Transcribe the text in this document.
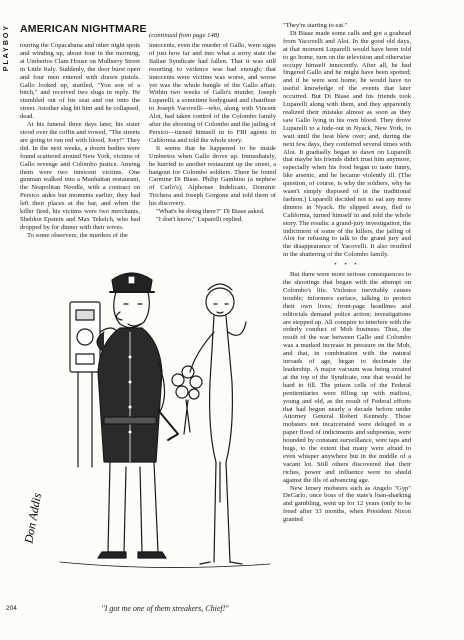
PLAYBOY AMERICAN NIGHTMARE
(continued from page 148)

touring the Copacabana and other night spots and winding up, about four in the morning, at Umbertos Clam House on Mulberry Street in Little Italy. Suddenly, the door burst open and four men entered with drawn pistols. Gallo looked up, startled, "You son of a bitch," and received two slugs in reply. He stumbled out of his seat and out onto the street. Another slug hit him and he collapsed, dead.

At his funeral three days later, his sister stood over the coffin and vowed, "The streets are going to run red with blood, Joey!" They did. In the next weeks, a dozen bodies were found scattered around New York, victims of Gallo revenge and Colombo justice. Among them were two innocent victims. One gunman walked into a Manhattan restaurant, the Neapolitan Noodle, with a contract on Persico aides but moments earlier, they had left their places at the bar, and when the killer fired, his victims were two merchants, Sheldon Epstein and Max Tekelch, who had dropped by for dinner with their wives.

To some observers, the murders of the

innocents, even the murder of Gallo, were signs of just how far and into what a sorry state the Italian Syndicate had fallen. That it was still resorting to violence was bad enough; that innocents were victims was worse, and worse yet was the whole bungle of the Gallo affair. Within two weeks of Gallo's murder, Joseph Luparelli, a sometime bodyguard and chauffeur to Joseph Yacovelli—who, along with Vincent Aloi, had taken control of the Colombo family after the shooting of Colombo and the jailing of Persico—turned himself in to FBI agents in California and told the whole story.

It seems that he happened to be inside Umbertos when Gallo drove up. Immediately, he hurried to another restaurant up the street, a hangout for Colombo soldiers. There he found Carmine Di Biase. Philip Gambino (a nephew of Carlo's), Alphonse Indelicato, Dominic Trichera and Joseph Gorgone and told them of his discovery.

"What's he doing there?" Di Biase asked.

"I don't know," Luparelli replied.

"They're starting to eat."

Di Biase made some calls and got a goahead from Yacovelli and Aloi. In the good old days, at that moment Luparelli would have been told to go home, turn on the television and otherwise occupy himself innocently. After all, he had fingered Gallo and he might have been spotted; and if he were sent home, he would have no useful knowledge of the events that later occurred. But Di Biase and his friends took Luparelli along with them, and they apparently realized their mistake almost as soon as they saw Gallo lying in his own blood. They drove Luparelli to a hide-out in Nyack, New York, to wait until the heat blew over; and, during the next few days, they conferred several times with Aloi. It gradually began to dawn on Luparelli that maybe his friends didn't trust him anymore, especially when his food began to taste funny, like arsenic, and he became violently ill. (The question, of course, is why the soldiers, why he wasn't simply disposed of in the traditional fashion.) Luparelli decided not to eat any more dinners in Nyack. He slipped away, fled to California, turned himself in and told the whole story. The results: a grand-jury investigation, the indictment of some of the killers, the jailing of Aloi for refusing to talk to the grand jury and the disappearance of Yacovelli. It also resulted in the shattering of the Colombo family.

• • •

But there were more serious consequences to the shootings that began with the attempt on Colombo's life. Violence inevitably causes trouble; informers surface, talking to protect their own lives; front-page headlines and editorials demand police action; investigations are stepped up. All conspire to interfere with the orderly conduct of Mob business. Thus, the result of the war between Gallo and Colombo was a marked increase in pressure on the Mob, and that, in combination with the natural inroads of age, began to decimate the leadership. A major vacuum was being created at the top of the Syndicate, one that would be hard to fill. The prison cells of the Federal penitentiaries were filling up with mafiosi, young and old, as the result of Federal efforts that had begun nearly a decade before under Attorney General Robert Kennedy. Those mobsters not incarcerated were deluged in a paper flood of indictments and subpoenas, were hounded by constant surveillance, wire taps and bugs, to the extent that many were afraid to even whisper anywhere but in the middle of a vacant lot. Still others discovered that their riches, power and influence were no shield against the ills of advancing age.

New Jersey mobsters such as Angelo "Gyp" DeCarlo, once boss of the state's loan-sharking and gambling, went up for 12 years (only to be freed after 33 months, when President Nixon granted

Don Addis
"I got me one of them streakers, Chief!"
204
